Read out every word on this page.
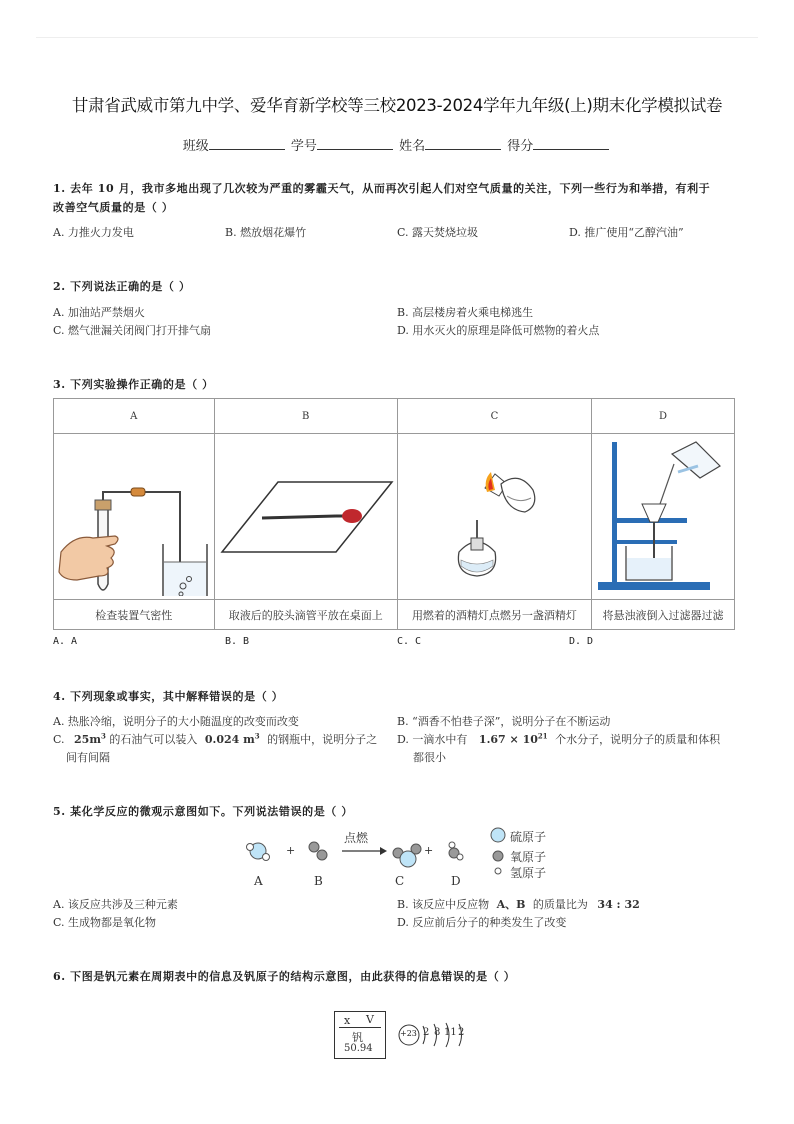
甘肃省武威市第九中学、爱华育新学校等三校2023-2024学年九年级(上)期末化学模拟试卷
班级	学号	姓名	得分
1. 去年 10 月，我市多地出现了几次较为严重的雾霾天气，从而再次引起人们对空气质量的关注，下列一些行为和举措，有利于
改善空气质量的是（ ）
A. 力推火力发电	B. 燃放烟花爆竹	C. 露天焚烧垃圾	D. 推广使用“乙醇汽油”
2. 下列说法正确的是（ ）
A. 加油站严禁烟火	B. 高层楼房着火乘电梯逃生
C. 燃气泄漏关闭阀门打开排气扇	D. 用水灭火的原理是降低可燃物的着火点
3. 下列实验操作正确的是（ ）
A	B	C	D

检查装置气密性	取液后的胶头滴管平放在桌面上	用燃着的酒精灯点燃另一盏酒精灯	将悬浊液倒入过滤器过滤
A. A	B. B	C. C	D. D
4. 下列现象或事实，其中解释错误的是（ ）
A. 热胀冷缩，说明分子的大小随温度的改变而改变	B. “酒香不怕巷子深”，说明分子在不断运动
C. $25m^3$ 的石油气可以装入 0.024 $m^3$ 的钢瓶中，说明分子之
间有间隔
D. 一滴水中有 $1.67 \times 10^{21}$ 个水分子，说明分子的质量和体积
都很小
5. 某化学反应的微观示意图如下。下列说法错误的是（ ）
+	+
点燃
A	B	C	D
硫原子
氧原子
氢原子
A. 该反应共涉及三种元素	B. 该反应中反应物 A、B 的质量比为 34 : 32
C. 生成物都是氧化物	D. 反应前后分子的种类发生了改变
6. 下图是钒元素在周期表中的信息及钒原子的结构示意图，由此获得的信息错误的是（ ）
x V
钒
50.94
+23 2 8 11 2
